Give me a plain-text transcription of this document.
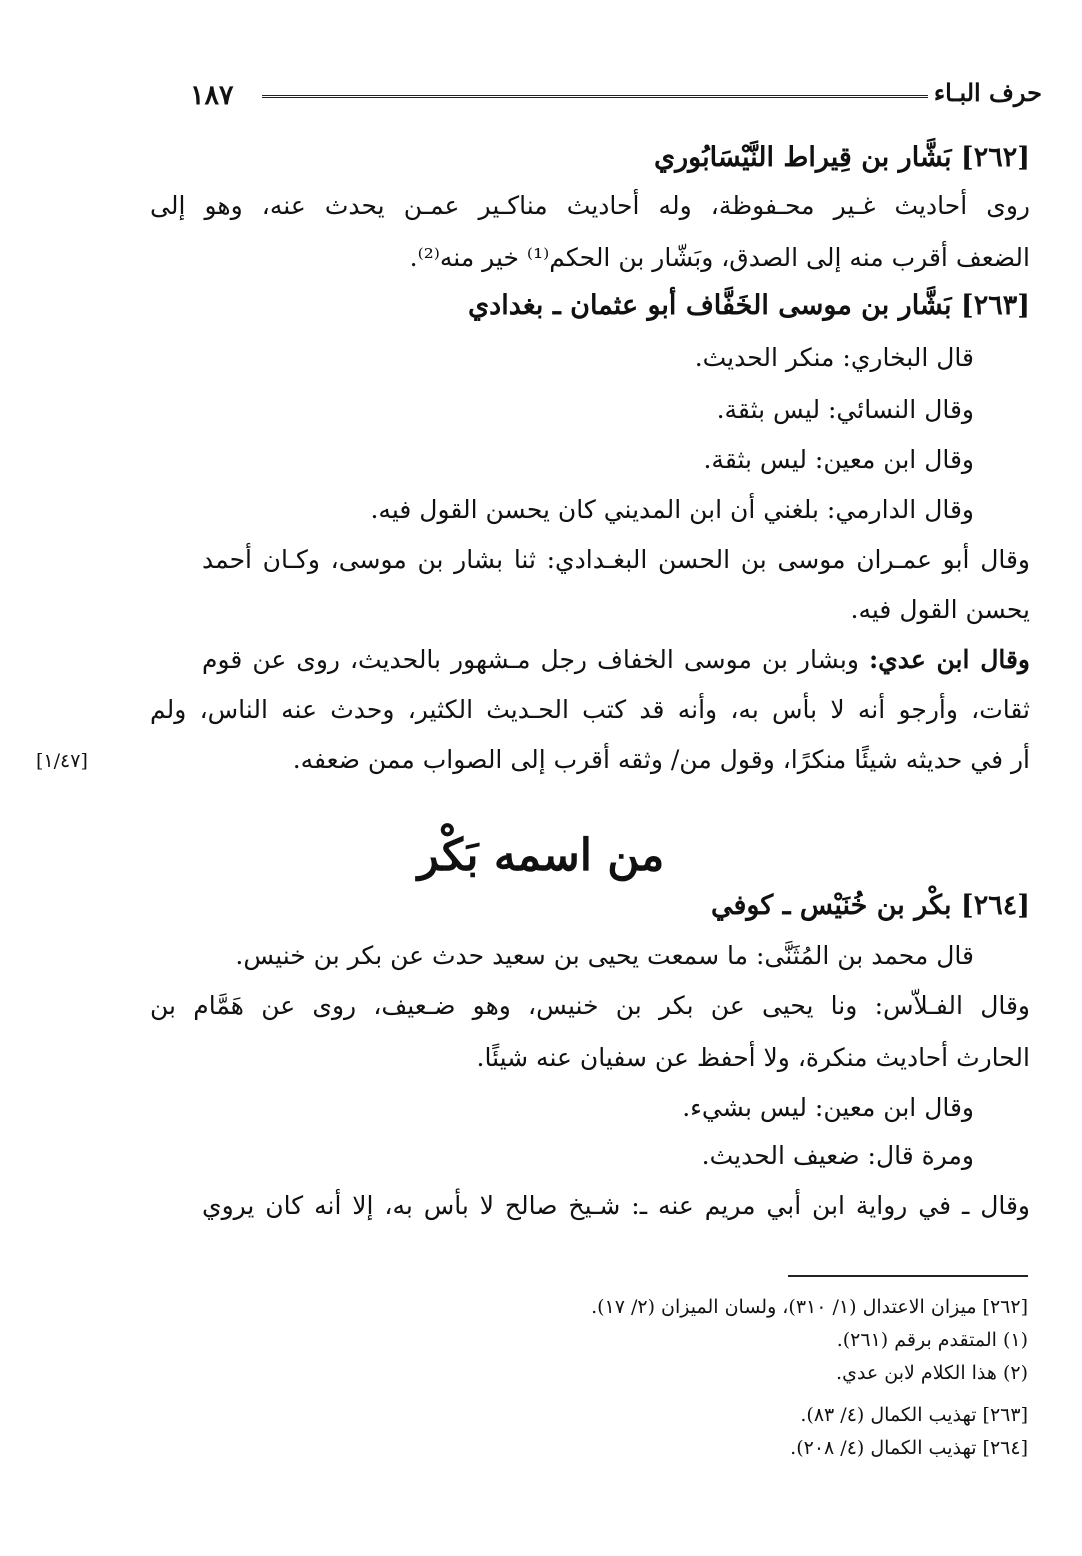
١٨٧	حرف البـاء

[٢٦٢] بَشَّار بن قِيراط النَّيْسَابُوري

روى أحاديث غـير محـفوظة، وله أحاديث مناكـير عمـن يحدث عنه، وهو إلى

الضعف أقرب منه إلى الصدق، وبَشّار بن الحكم⁽¹⁾ خير منه⁽²⁾.

[٢٦٣] بَشَّار بن موسى الخَفَّاف أبو عثمان ـ بغدادي

قال البخاري: منكر الحديث.

وقال النسائي: ليس بثقة.

وقال ابن معين: ليس بثقة.

وقال الدارمي: بلغني أن ابن المديني كان يحسن القول فيه.

وقال أبو عمـران موسى بن الحسن البغـدادي: ثنا بشار بن موسى، وكـان أحمد

يحسن القول فيه.

وقال ابن عدي: وبشار بن موسى الخفاف رجل مـشهور بالحديث، روى عن قوم

ثقات، وأرجو أنه لا بأس به، وأنه قد كتب الحـديث الكثير، وحدث عنه الناس، ولم

أر في حديثه شيئًا منكرًا، وقول من/ وثقه أقرب إلى الصواب ممن ضعفه.

[١/٤٧]
من اسمه بَكْر

[٢٦٤] بكْر بن خُنَيْس ـ كوفي

قال محمد بن المُثَنَّى: ما سمعت يحيى بن سعيد حدث عن بكر بن خنيس.

وقال الفـلاّس: ونا يحيى عن بكر بن خنيس، وهو ضـعيف، روى عن هَمَّام بن

الحارث أحاديث منكرة، ولا أحفظ عن سفيان عنه شيئًا.

وقال ابن معين: ليس بشيء.

ومرة قال: ضعيف الحديث.

وقال ـ في رواية ابن أبي مريم عنه ـ: شـيخ صالح لا بأس به، إلا أنه كان يروي

[٢٦٢] ميزان الاعتدال (١/ ٣١٠)، ولسان الميزان (٢/ ١٧).

(١) المتقدم برقم (٢٦١).

(٢) هذا الكلام لابن عدي.

[٢٦٣] تهذيب الكمال (٤/ ٨٣).

[٢٦٤] تهذيب الكمال (٤/ ٢٠٨).
